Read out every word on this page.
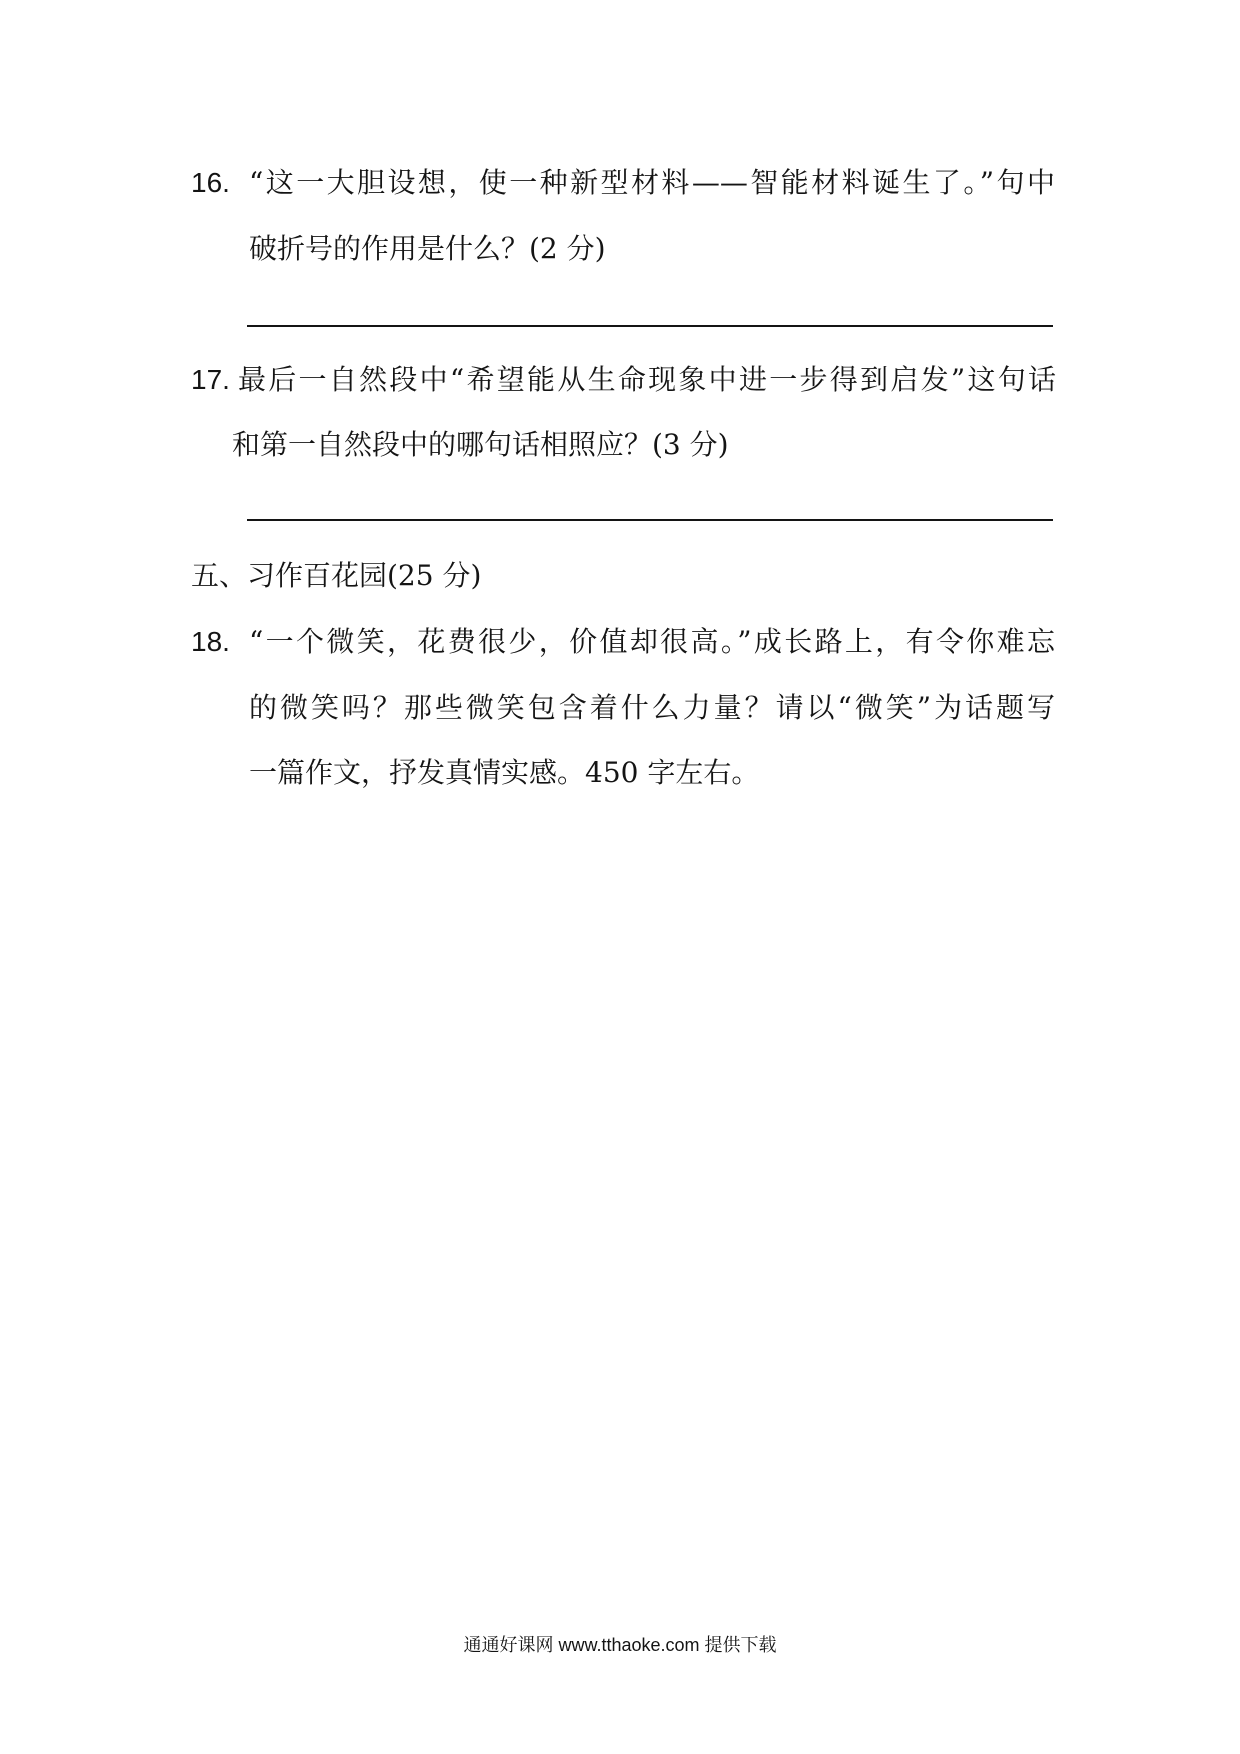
16. “这一大胆设想，使一种新型材料——智能材料诞生了。”句中
破折号的作用是什么？(2 分)
17. 最后一自然段中“希望能从生命现象中进一步得到启发”这句话
和第一自然段中的哪句话相照应？(3 分)
五、习作百花园(25 分)
18. “一个微笑，花费很少，价值却很高。”成长路上，有令你难忘
的微笑吗？那些微笑包含着什么力量？请以“微笑”为话题写
一篇作文，抒发真情实感。450 字左右。
通通好课网 www.tthaoke.com 提供下载
